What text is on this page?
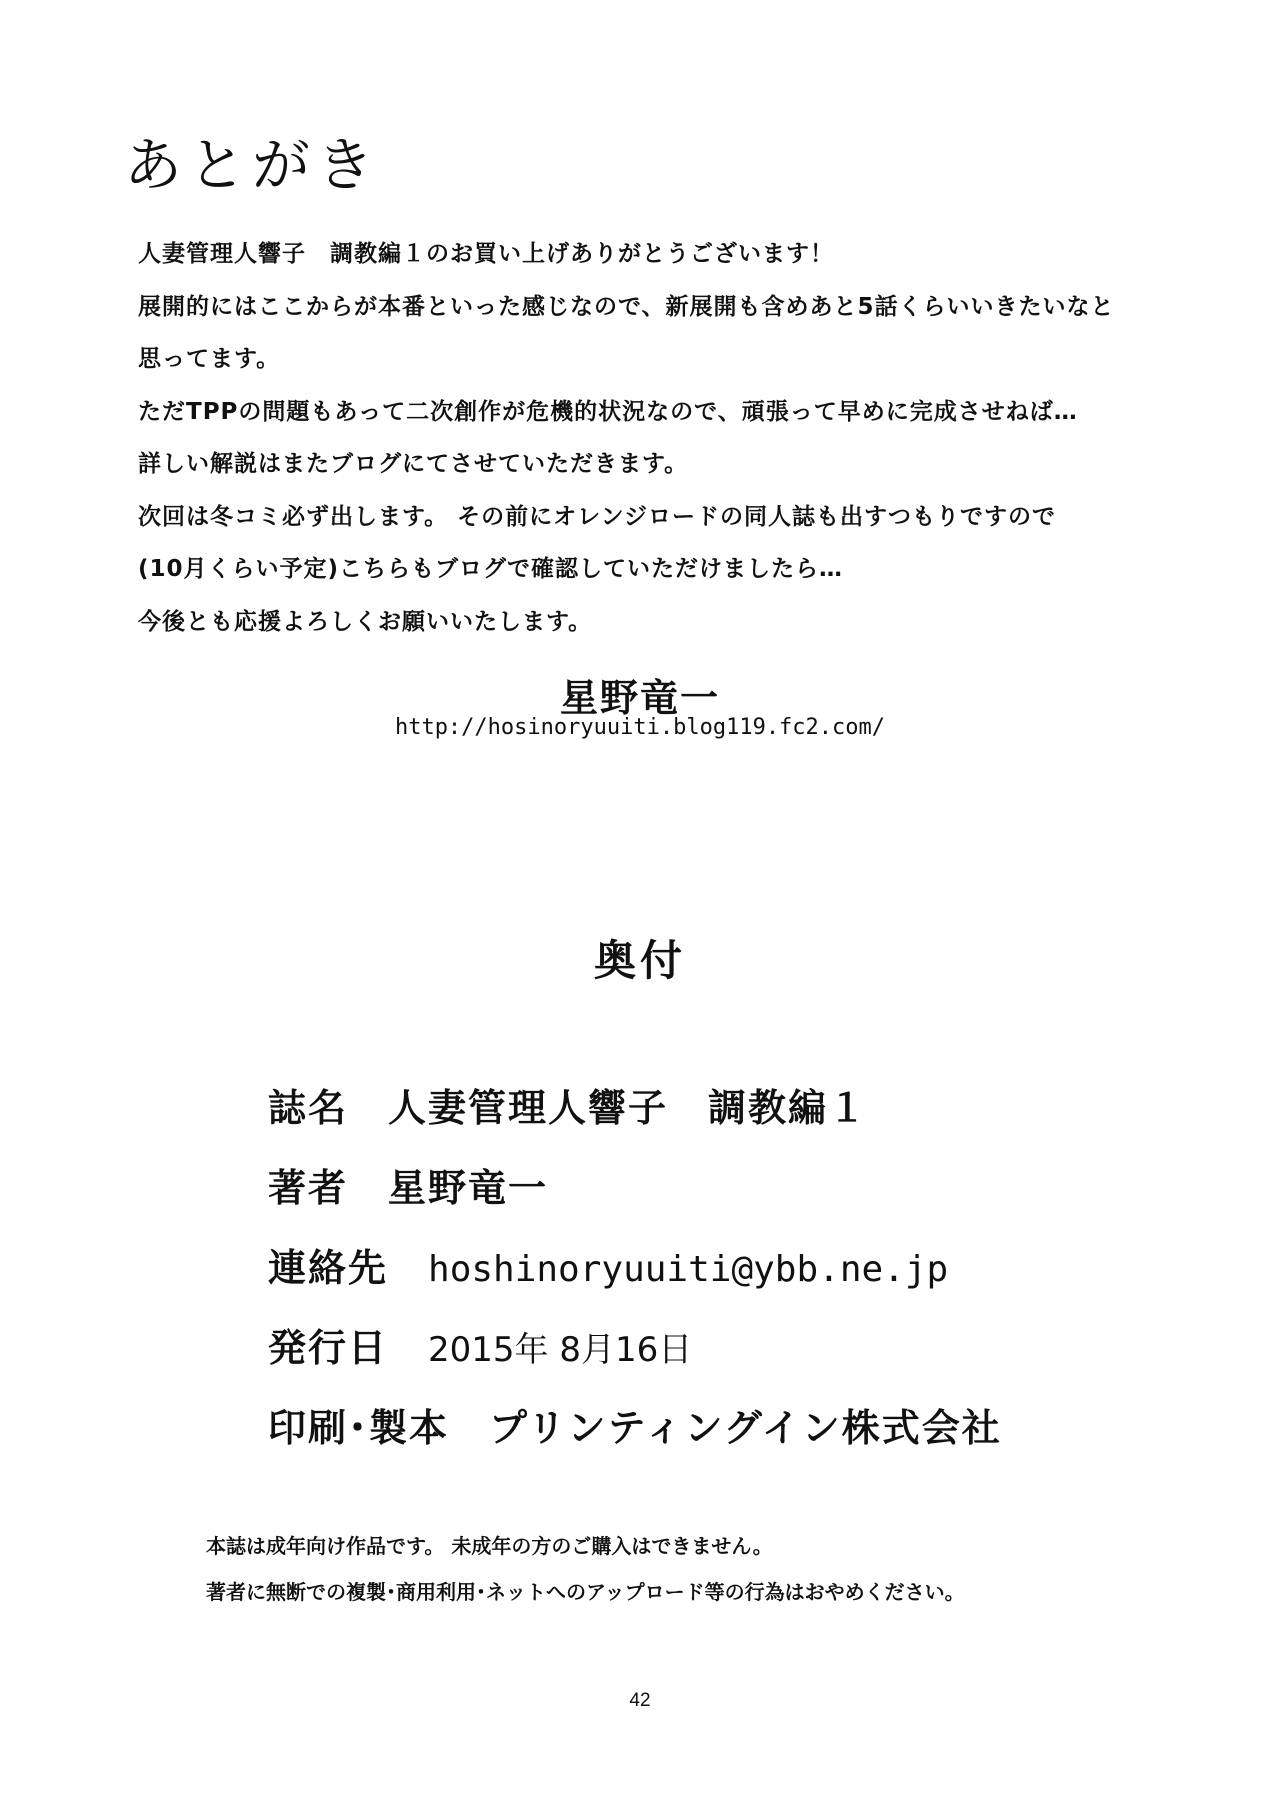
あとがき
人妻管理人響子　調教編１のお買い上げありがとうございます！
展開的にはここからが本番といった感じなので、新展開も含めあと5話くらいいきたいなと
思ってます。
ただTPPの問題もあって二次創作が危機的状況なので、頑張って早めに完成させねば…
詳しい解説はまたブログにてさせていただきます。
次回は冬コミ必ず出します。 その前にオレンジロードの同人誌も出すつもりですので
(10月くらい予定)こちらもブログで確認していただけましたら…
今後とも応援よろしくお願いいたします。

星野竜一

http://hosinoryuuiti.blog119.fc2.com/

奥付
誌名 人妻管理人響子　調教編１
著者 星野竜一
連絡先 hoshinoryuuiti@ybb.ne.jp
発行日 2015年 8月16日
印刷･製本 プリンティングイン株式会社
本誌は成年向け作品です。 未成年の方のご購入はできません。
著者に無断での複製･商用利用･ネットへのアップロード等の行為はおやめください。

42
